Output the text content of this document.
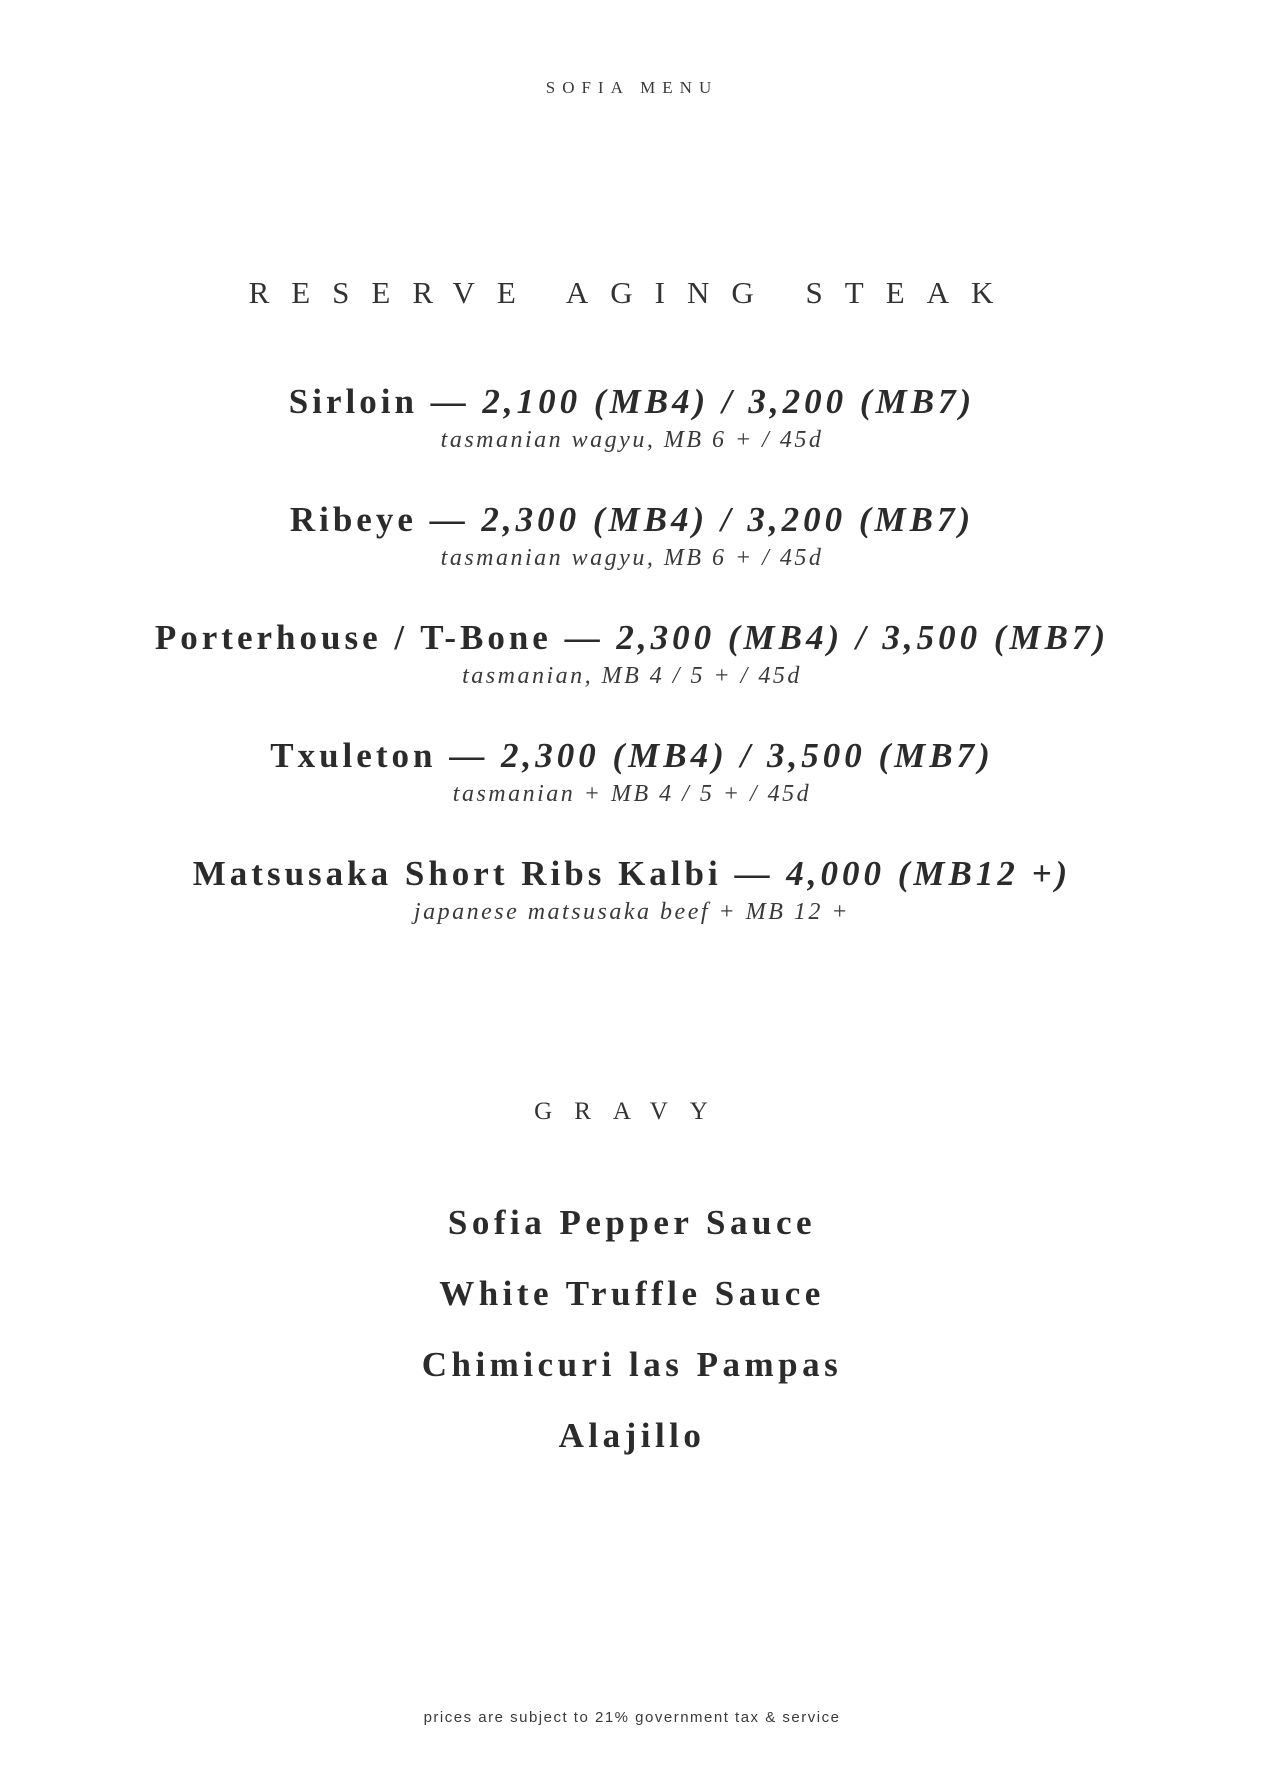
SOFIA MENU
RESERVE AGING STEAK
Sirloin — 2,100 (MB4) / 3,200 (MB7)
tasmanian wagyu, MB 6 + / 45d
Ribeye — 2,300 (MB4) / 3,200 (MB7)
tasmanian wagyu, MB 6 + / 45d
Porterhouse / T-Bone — 2,300 (MB4) / 3,500 (MB7)
tasmanian, MB 4 / 5 + / 45d
Txuleton — 2,300 (MB4) / 3,500 (MB7)
tasmanian + MB 4 / 5 + / 45d
Matsusaka Short Ribs Kalbi — 4,000 (MB12 +)
japanese matsusaka beef + MB 12 +
GRAVY
Sofia Pepper Sauce
White Truffle Sauce
Chimicuri las Pampas
Alajillo
prices are subject to 21% government tax & service
